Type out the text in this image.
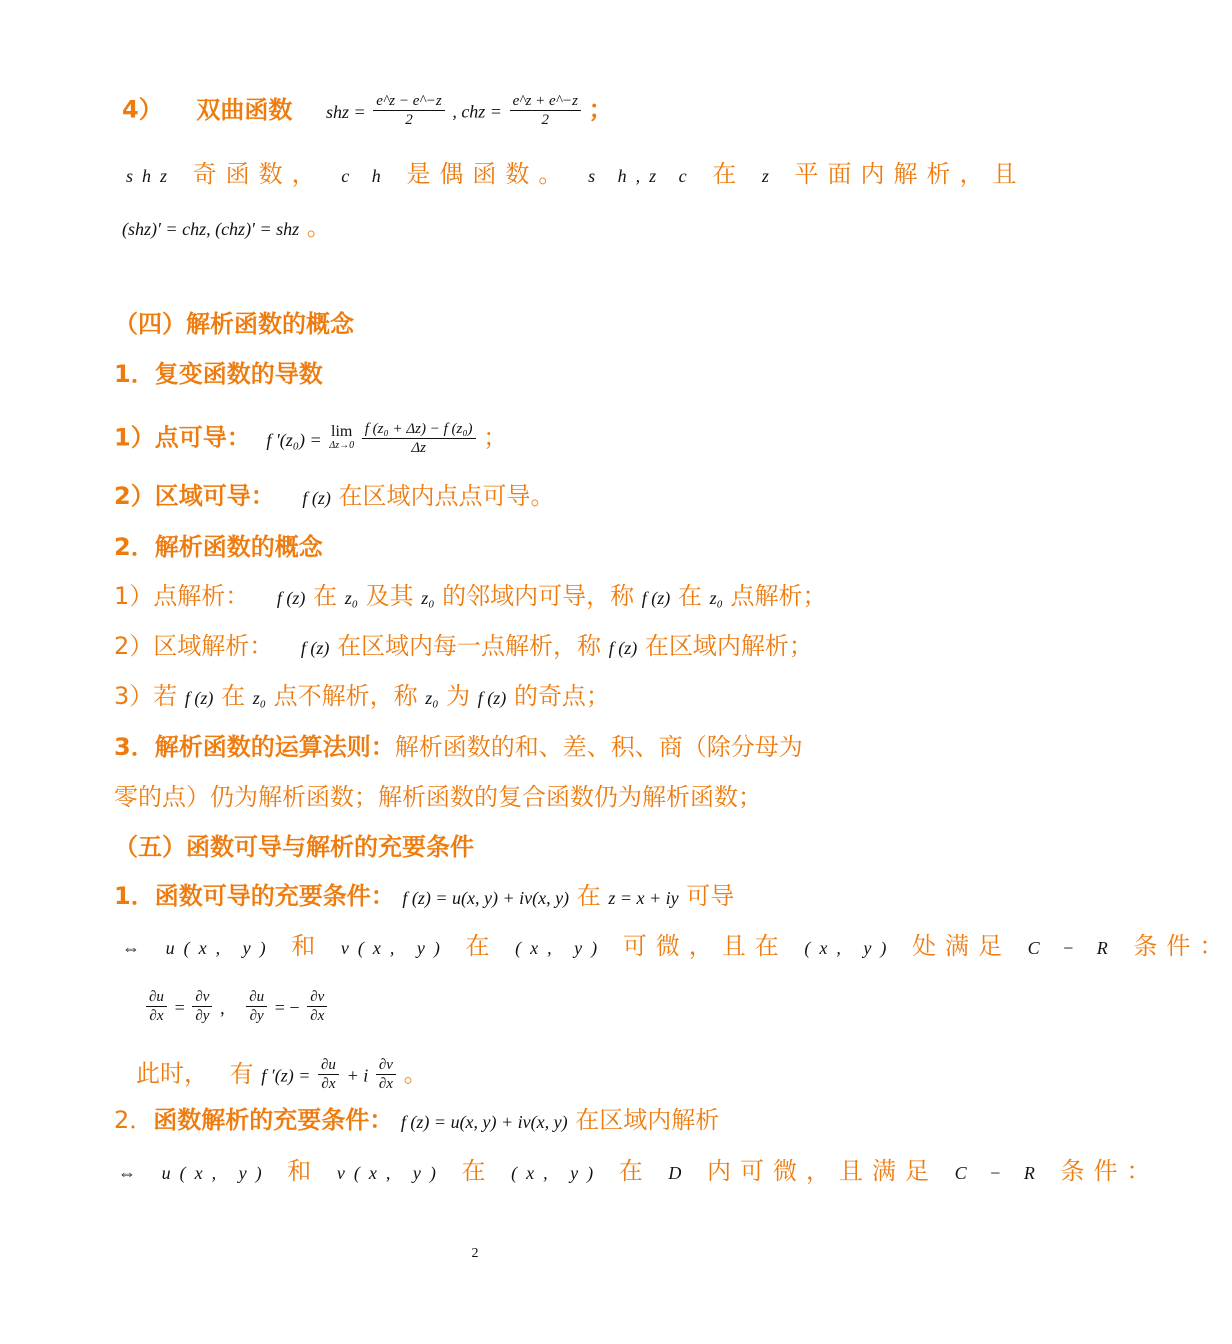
4） 双曲函数 shz = $\frac{e\^{}z - e\^{}-z}{2}$ , chz = $\frac{e\^{}z + e\^{}-z}{2}$ ；
shz 奇函数， c h 是偶函数。 s h,z c 在 z 平面内解析，且
(shz)′ = chz, (chz)′ = shz 。
（四）解析函数的概念
1．复变函数的导数
1）点可导： f ′(z₀) = lim
Δz→0
$\frac{\text{f (z₀ + Δz) − f (z₀)}}{\Delta z}$ ；
2）区域可导： f (z) 在区域内点点可导。
2．解析函数的概念
1）点解析： f (z) 在 z₀ 及其 z₀ 的邻域内可导，称 f (z) 在 z₀ 点解析；
2）区域解析： f (z) 在区域内每一点解析，称 f (z) 在区域内解析；
3）若 f (z) 在 z₀ 点不解析，称 z₀ 为 f (z) 的奇点；
3．解析函数的运算法则：解析函数的和、差、积、商（除分母为
零的点）仍为解析函数；解析函数的复合函数仍为解析函数；
（五）函数可导与解析的充要条件
1．函数可导的充要条件： f (z) = u(x, y) + iv(x, y) 在 z = x + iy 可导
⇔ u(x, y) 和 v(x, y) 在 (x, y) 可微，且在 (x, y) 处满足 C − R 条件：
$\frac{\partial u}{\partial x} = \frac{\partial v}{\partial y}$ , $\frac{\partial u}{\partial y}$ = − $\frac{\partial v}{\partial x}$
此时， 有 f $'(z) = \frac{\partial u}{\partial x} + i \frac{\partial v}{\partial x}$ 。
2．函数解析的充要条件： f (z) = u(x, y) + iv(x, y) 在区域内解析
⇔ u(x, y) 和 v(x, y) 在 (x, y) 在 D 内可微，且满足 C − R 条件：
2
